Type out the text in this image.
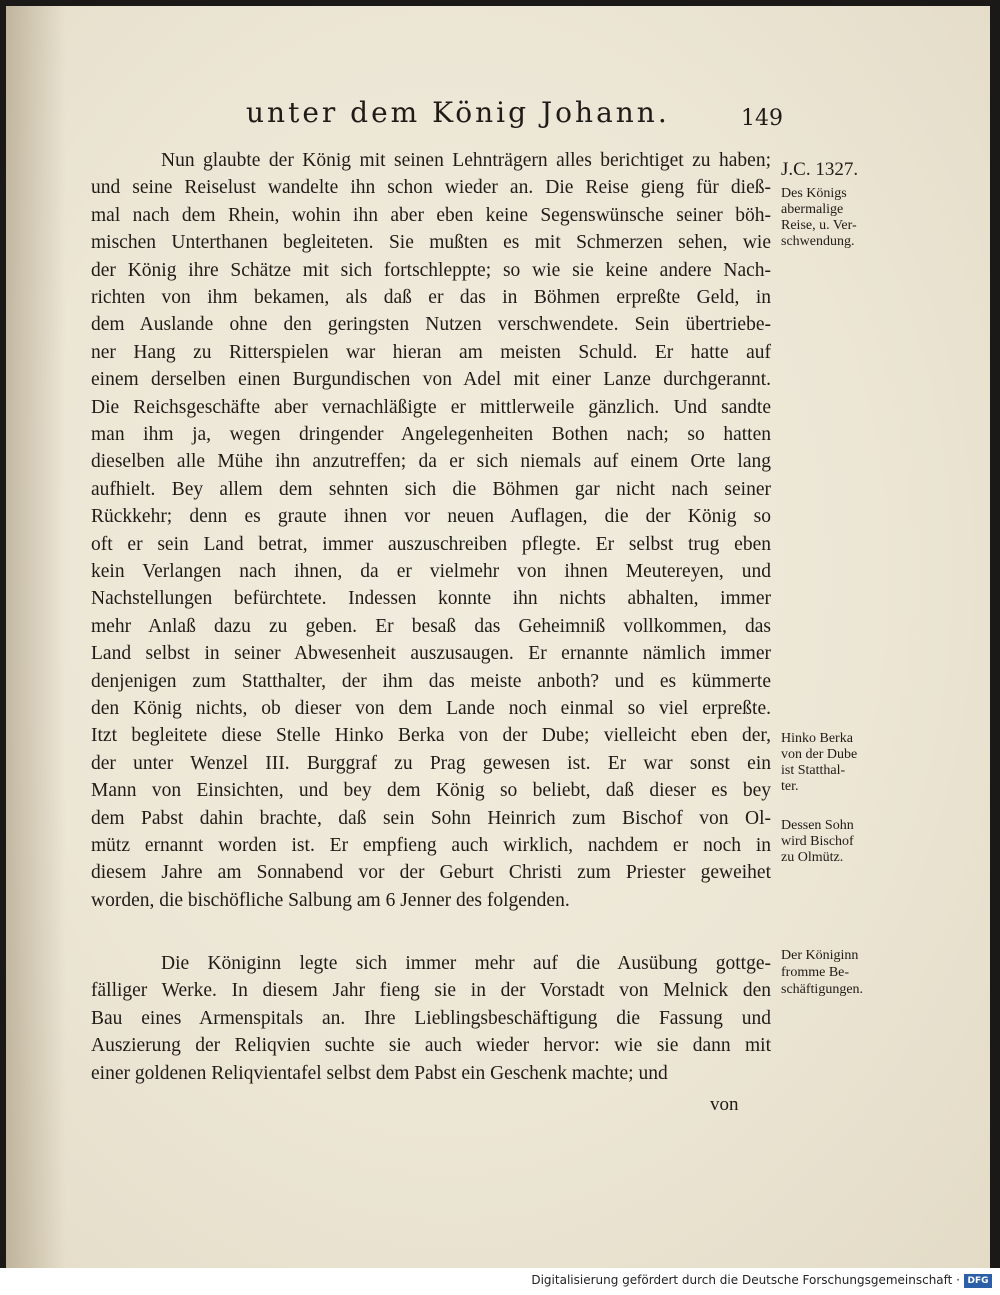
unter dem König Johann.	149
Nun glaubte der König mit seinen Lehnträgern alles berichtiget zu haben;
und seine Reiselust wandelte ihn schon wieder an. Die Reise gieng für dieß-
mal nach dem Rhein, wohin ihn aber eben keine Segenswünsche seiner böh-
mischen Unterthanen begleiteten. Sie mußten es mit Schmerzen sehen, wie
der König ihre Schätze mit sich fortschleppte; so wie sie keine andere Nach-
richten von ihm bekamen, als daß er das in Böhmen erpreßte Geld, in
dem Auslande ohne den geringsten Nutzen verschwendete. Sein übertriebe-
ner Hang zu Ritterspielen war hieran am meisten Schuld. Er hatte auf
einem derselben einen Burgundischen von Adel mit einer Lanze durchgerannt.
Die Reichsgeschäfte aber vernachläßigte er mittlerweile gänzlich. Und sandte
man ihm ja, wegen dringender Angelegenheiten Bothen nach; so hatten
dieselben alle Mühe ihn anzutreffen; da er sich niemals auf einem Orte lang
aufhielt. Bey allem dem sehnten sich die Böhmen gar nicht nach seiner
Rückkehr; denn es graute ihnen vor neuen Auflagen, die der König so
oft er sein Land betrat, immer auszuschreiben pflegte. Er selbst trug eben
kein Verlangen nach ihnen, da er vielmehr von ihnen Meutereyen, und
Nachstellungen befürchtete. Indessen konnte ihn nichts abhalten, immer
mehr Anlaß dazu zu geben. Er besaß das Geheimniß vollkommen, das
Land selbst in seiner Abwesenheit auszusaugen. Er ernannte nämlich immer
denjenigen zum Statthalter, der ihm das meiste anboth? und es kümmerte
den König nichts, ob dieser von dem Lande noch einmal so viel erpreßte.
Itzt begleitete diese Stelle Hinko Berka von der Dube; vielleicht eben der,
der unter Wenzel III. Burggraf zu Prag gewesen ist. Er war sonst ein
Mann von Einsichten, und bey dem König so beliebt, daß dieser es bey
dem Pabst dahin brachte, daß sein Sohn Heinrich zum Bischof von Ol-
mütz ernannt worden ist. Er empfieng auch wirklich, nachdem er noch in
diesem Jahre am Sonnabend vor der Geburt Christi zum Priester geweihet
worden, die bischöfliche Salbung am 6 Jenner des folgenden.
Die Königinn legte sich immer mehr auf die Ausübung gottge-
fälliger Werke. In diesem Jahr fieng sie in der Vorstadt von Melnick den
Bau eines Armenspitals an. Ihre Lieblingsbeschäftigung die Fassung und
Auszierung der Reliqvien suchte sie auch wieder hervor: wie sie dann mit
einer goldenen Reliqvientafel selbst dem Pabst ein Geschenk machte; und
J.C. 1327.
Des Königs
abermalige
Reise, u. Ver-
schwendung.
Hinko Berka
von der Dube
ist Statthal-
ter.
Dessen Sohn
wird Bischof
zu Olmütz.
Der Königinn
fromme Be-
schäftigungen.
von
Digitalisierung gefördert durch die Deutsche Forschungsgemeinschaft · DFG
